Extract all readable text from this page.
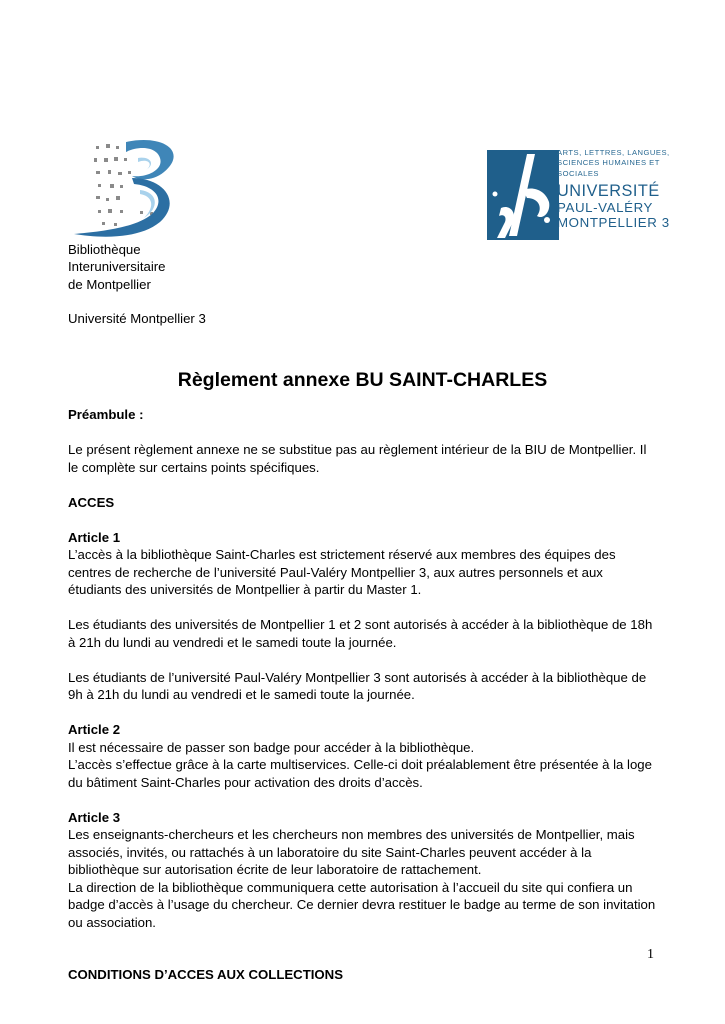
Bibliothèque
Interuniversitaire
de Montpellier
Université Montpellier 3
ARTS, LETTRES, LANGUES,
SCIENCES HUMAINES ET
SOCIALES
UNIVERSITÉ
PAUL-VALÉRY
MONTPELLIER 3
Règlement annexe BU SAINT-CHARLES

Préambule :

Le présent règlement annexe ne se substitue pas au règlement intérieur de la BIU de Montpellier. Il le complète sur certains points spécifiques.

ACCES

Article 1

L’accès à la bibliothèque Saint-Charles est strictement réservé aux membres des équipes des centres de recherche de l’université Paul-Valéry Montpellier 3, aux autres personnels et aux étudiants des universités de Montpellier à partir du Master 1.

Les étudiants des universités de Montpellier 1 et 2 sont autorisés à accéder à la bibliothèque de 18h à 21h du lundi au vendredi et le samedi toute la journée.

Les étudiants de l’université Paul-Valéry Montpellier 3 sont autorisés à accéder à la bibliothèque de 9h à 21h du lundi au vendredi et le samedi toute la journée.

Article 2

Il est nécessaire de passer son badge pour accéder à la bibliothèque.

L’accès s’effectue grâce à la carte multiservices. Celle-ci doit préalablement être présentée à la loge du bâtiment Saint-Charles pour activation des droits d’accès.

Article 3

Les enseignants-chercheurs et les chercheurs non membres des universités de Montpellier, mais associés, invités, ou rattachés à un laboratoire du site Saint-Charles peuvent accéder à la bibliothèque sur autorisation écrite de leur laboratoire de rattachement.

La direction de la bibliothèque communiquera cette autorisation à l’accueil du site qui confiera un badge d’accès à l’usage du chercheur. Ce dernier devra restituer le badge au terme de son invitation ou association.

CONDITIONS D’ACCES AUX COLLECTIONS

1
